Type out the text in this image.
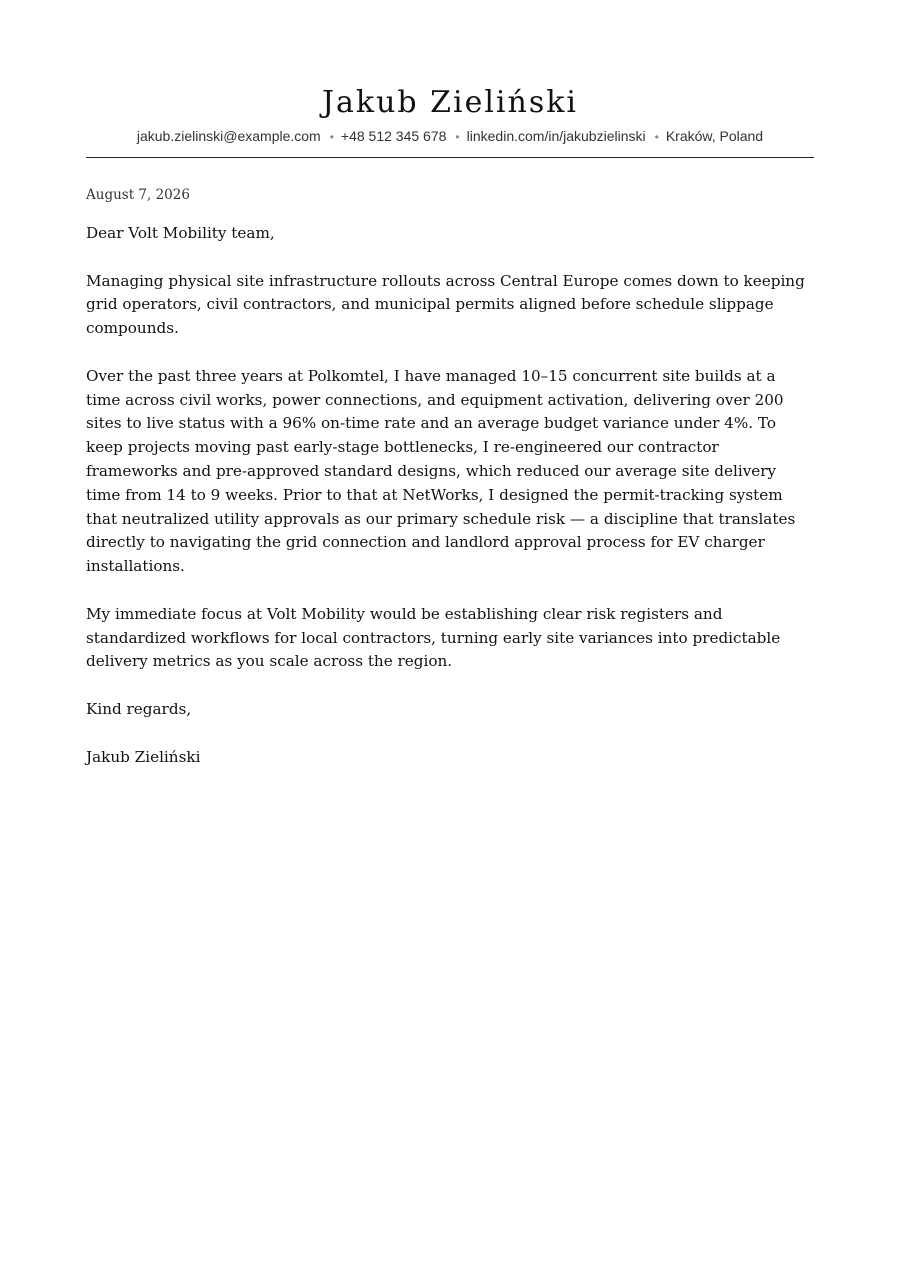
Jakub Zieliński
jakub.zielinski@example.com • +48 512 345 678 • linkedin.com/in/jakubzielinski • Kraków, Poland
August 7, 2026

Dear Volt Mobility team,

Managing physical site infrastructure rollouts across Central Europe comes down to keeping grid operators, civil contractors, and municipal permits aligned before schedule slippage compounds.

Over the past three years at Polkomtel, I have managed 10–15 concurrent site builds at a time across civil works, power connections, and equipment activation, delivering over 200 sites to live status with a 96% on-time rate and an average budget variance under 4%. To keep projects moving past early-stage bottlenecks, I re-engineered our contractor frameworks and pre-approved standard designs, which reduced our average site delivery time from 14 to 9 weeks. Prior to that at NetWorks, I designed the permit-tracking system that neutralized utility approvals as our primary schedule risk — a discipline that translates directly to navigating the grid connection and landlord approval process for EV charger installations.

My immediate focus at Volt Mobility would be establishing clear risk registers and standardized workflows for local contractors, turning early site variances into predictable delivery metrics as you scale across the region.

Kind regards,

Jakub Zieliński
